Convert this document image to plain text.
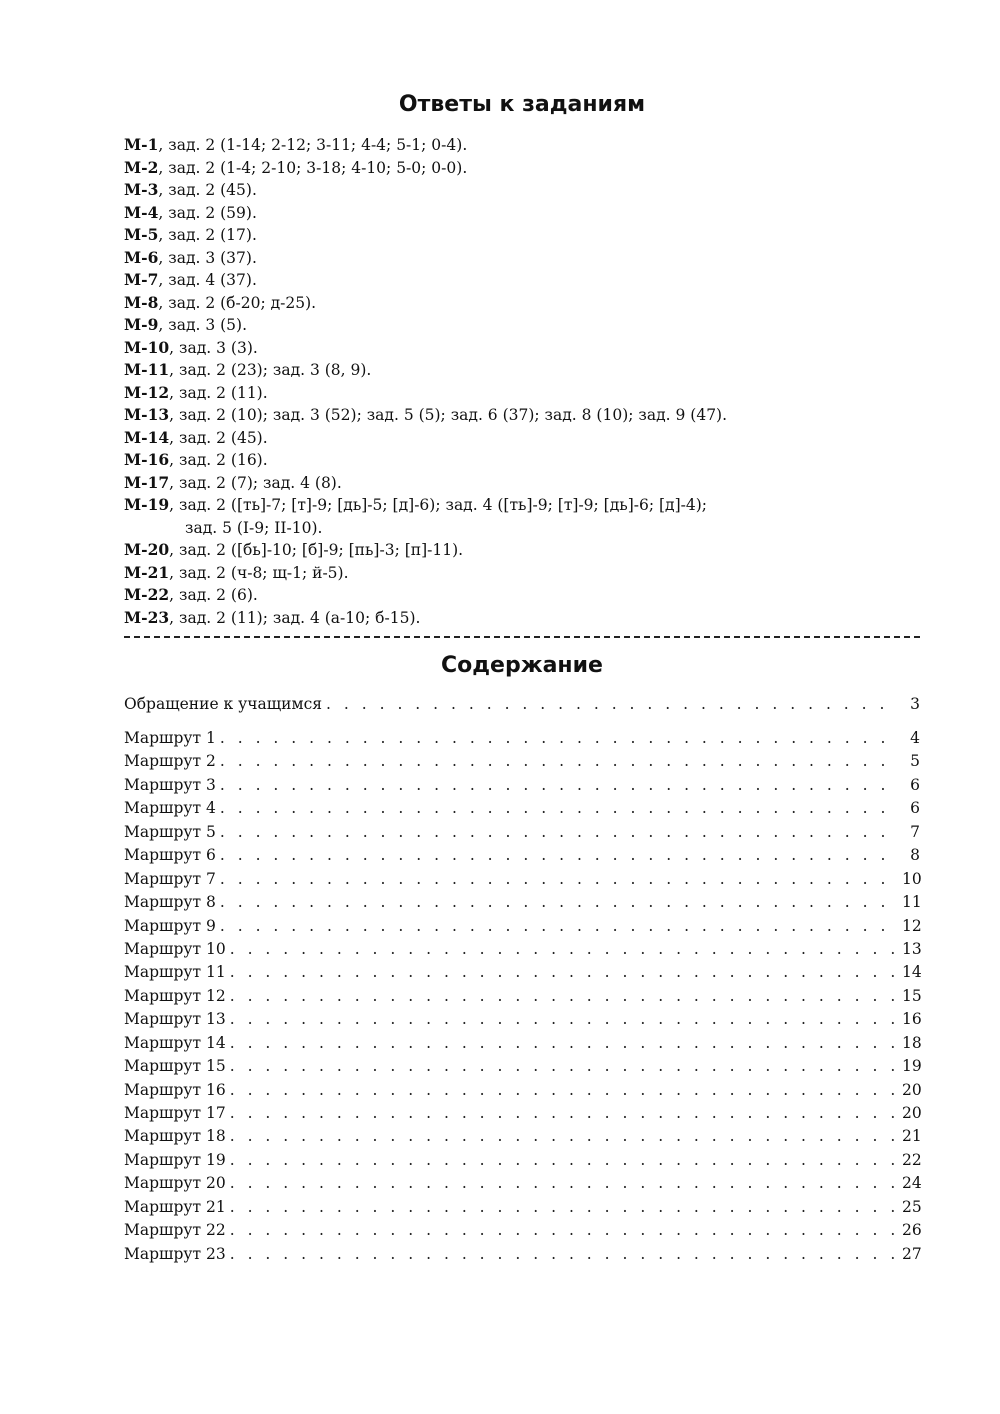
Ответы к заданиям
М-1, зад. 2 (1-14; 2-12; 3-11; 4-4; 5-1; 0-4).
М-2, зад. 2 (1-4; 2-10; 3-18; 4-10; 5-0; 0-0).
М-3, зад. 2 (45).
М-4, зад. 2 (59).
М-5, зад. 2 (17).
М-6, зад. 3 (37).
М-7, зад. 4 (37).
М-8, зад. 2 (б-20; д-25).
М-9, зад. 3 (5).
М-10, зад. 3 (3).
М-11, зад. 2 (23); зад. 3 (8, 9).
М-12, зад. 2 (11).
М-13, зад. 2 (10); зад. 3 (52); зад. 5 (5); зад. 6 (37); зад. 8 (10); зад. 9 (47).
М-14, зад. 2 (45).
М-16, зад. 2 (16).
М-17, зад. 2 (7); зад. 4 (8).
М-19, зад. 2 ([ть]-7; [т]-9; [дь]-5; [д]-6); зад. 4 ([ть]-9; [т]-9; [дь]-6; [д]-4);
зад. 5 (I-9; II-10).
М-20, зад. 2 ([бь]-10; [б]-9; [пь]-3; [п]-11).
М-21, зад. 2 (ч-8; щ-1; й-5).
М-22, зад. 2 (6).
М-23, зад. 2 (11); зад. 4 (а-10; б-15).
Содержание
Обращение к учащимся . . .	3
Маршрут 1 . . .	4
Маршрут 2 . . .	5
Маршрут 3 . . .	6
Маршрут 4 . . .	6
Маршрут 5 . . .	7
Маршрут 6 . . .	8
Маршрут 7 . . .	10
Маршрут 8 . . .	11
Маршрут 9 . . .	12
Маршрут 10 . . .	13
Маршрут 11 . . .	14
Маршрут 12 . . .	15
Маршрут 13 . . .	16
Маршрут 14 . . .	18
Маршрут 15 . . .	19
Маршрут 16 . . .	20
Маршрут 17 . . .	20
Маршрут 18 . . .	21
Маршрут 19 . . .	22
Маршрут 20 . . .	24
Маршрут 21 . . .	25
Маршрут 22 . . .	26
Маршрут 23 . . .	27
